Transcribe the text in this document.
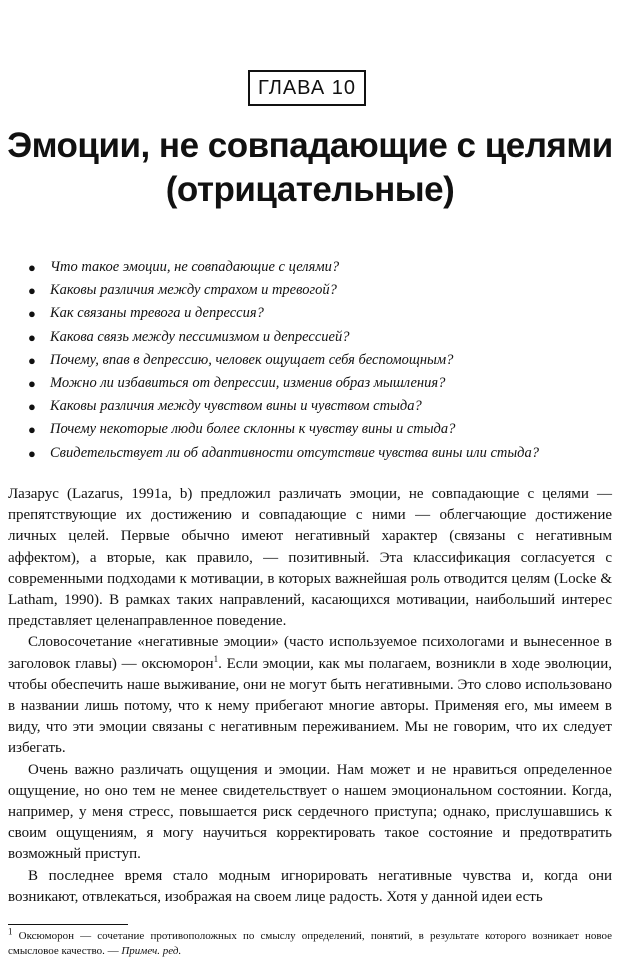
ГЛАВА 10
Эмоции, не совпадающие с целями
(отрицательные)
● Что такое эмоции, не совпадающие с целями?
● Каковы различия между страхом и тревогой?
● Как связаны тревога и депрессия?
● Какова связь между пессимизмом и депрессией?
● Почему, впав в депрессию, человек ощущает себя беспомощным?
● Можно ли избавиться от депрессии, изменив образ мышления?
● Каковы различия между чувством вины и чувством стыда?
● Почему некоторые люди более склонны к чувству вины и стыда?
● Свидетельствует ли об адаптивности отсутствие чувства вины или стыда?

Лазарус (Lazarus, 1991a, b) предложил различать эмоции, не совпадающие с целями — препятствующие их достижению и совпадающие с ними — облегчающие достижение личных целей. Первые обычно имеют негативный характер (связаны с негативным аффектом), а вторые, как правило, — позитивный. Эта классификация согласуется с современными подходами к мотивации, в которых важнейшая роль отводится целям (Locke & Latham, 1990). В рамках таких направлений, касающихся мотивации, наибольший интерес представляет целенаправленное поведение.

Словосочетание «негативные эмоции» (часто используемое психологами и вынесенное в заголовок главы) — оксюморон$^1$. Если эмоции, как мы полагаем, возникли в ходе эволюции, чтобы обеспечить наше выживание, они не могут быть негативными. Это слово использовано в названии лишь потому, что к нему прибегают многие авторы. Применяя его, мы имеем в виду, что эти эмоции связаны с негативным переживанием. Мы не говорим, что их следует избегать.

Очень важно различать ощущения и эмоции. Нам может и не нравиться определенное ощущение, но оно тем не менее свидетельствует о нашем эмоциональном состоянии. Когда, например, у меня стресс, повышается риск сердечного приступа; однако, прислушавшись к своим ощущениям, я могу научиться корректировать такое состояние и предотвратить возможный приступ.

В последнее время стало модным игнорировать негативные чувства и, когда они возникают, отвлекаться, изображая на своем лице радость. Хотя у данной идеи есть

$^1$ Оксюморон — сочетание противоположных по смыслу определений, понятий, в результате которого возникает новое смысловое качество. — Примеч. ред.
